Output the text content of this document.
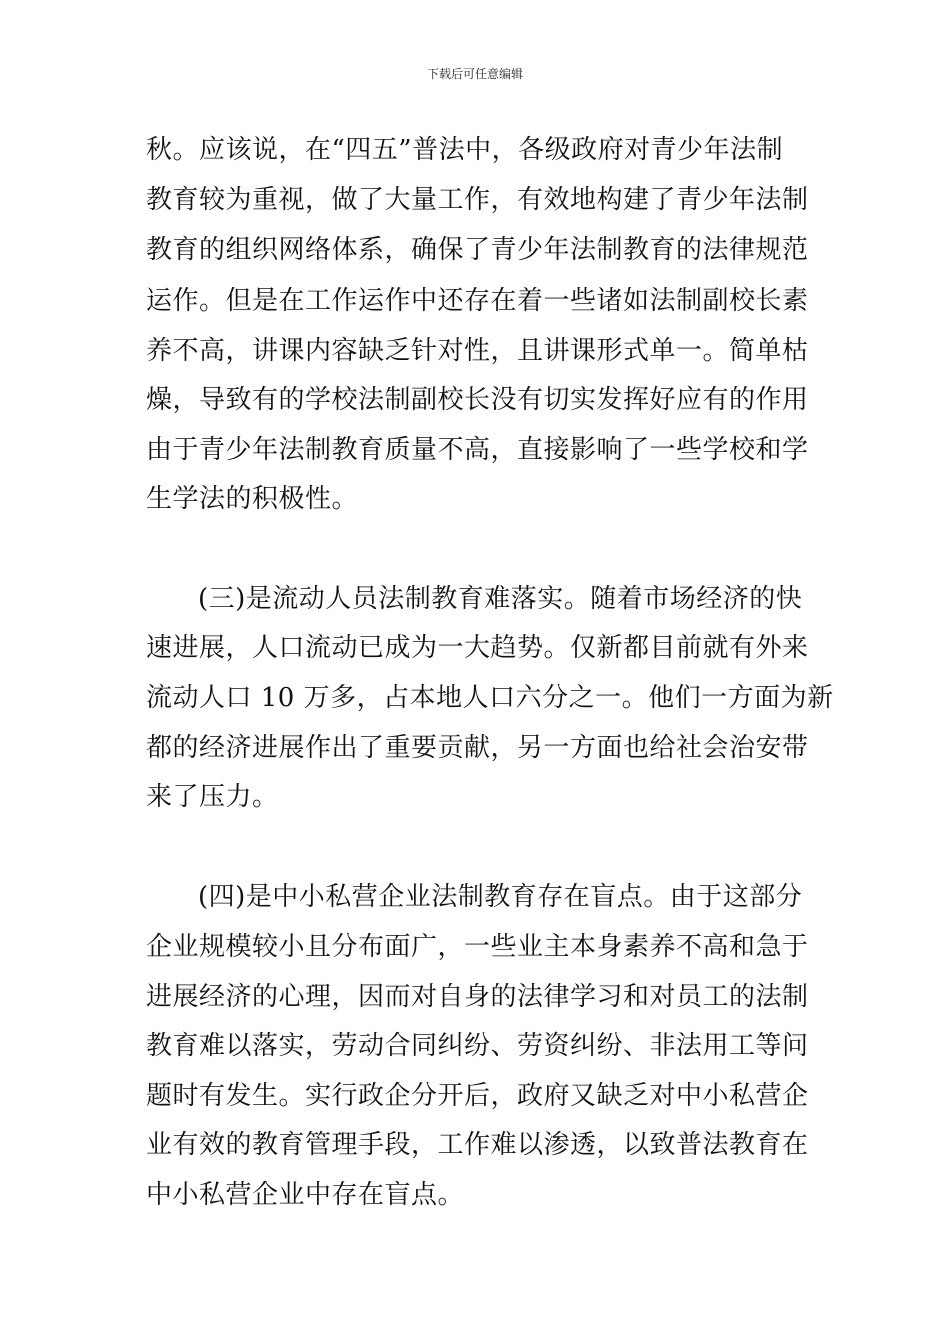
下载后可任意编辑
秋。应该说，在“四五”普法中，各级政府对青少年法制
教育较为重视，做了大量工作，有效地构建了青少年法制
教育的组织网络体系，确保了青少年法制教育的法律规范
运作。但是在工作运作中还存在着一些诸如法制副校长素
养不高，讲课内容缺乏针对性，且讲课形式单一。简单枯
燥，导致有的学校法制副校长没有切实发挥好应有的作用
由于青少年法制教育质量不高，直接影响了一些学校和学
生学法的积极性。
(三)是流动人员法制教育难落实。随着市场经济的快
速进展，人口流动已成为一大趋势。仅新都目前就有外来
流动人口 10 万多，占本地人口六分之一。他们一方面为新
都的经济进展作出了重要贡献，另一方面也给社会治安带
来了压力。
(四)是中小私营企业法制教育存在盲点。由于这部分
企业规模较小且分布面广，一些业主本身素养不高和急于
进展经济的心理，因而对自身的法律学习和对员工的法制
教育难以落实，劳动合同纠纷、劳资纠纷、非法用工等问
题时有发生。实行政企分开后，政府又缺乏对中小私营企
业有效的教育管理手段，工作难以渗透，以致普法教育在
中小私营企业中存在盲点。
